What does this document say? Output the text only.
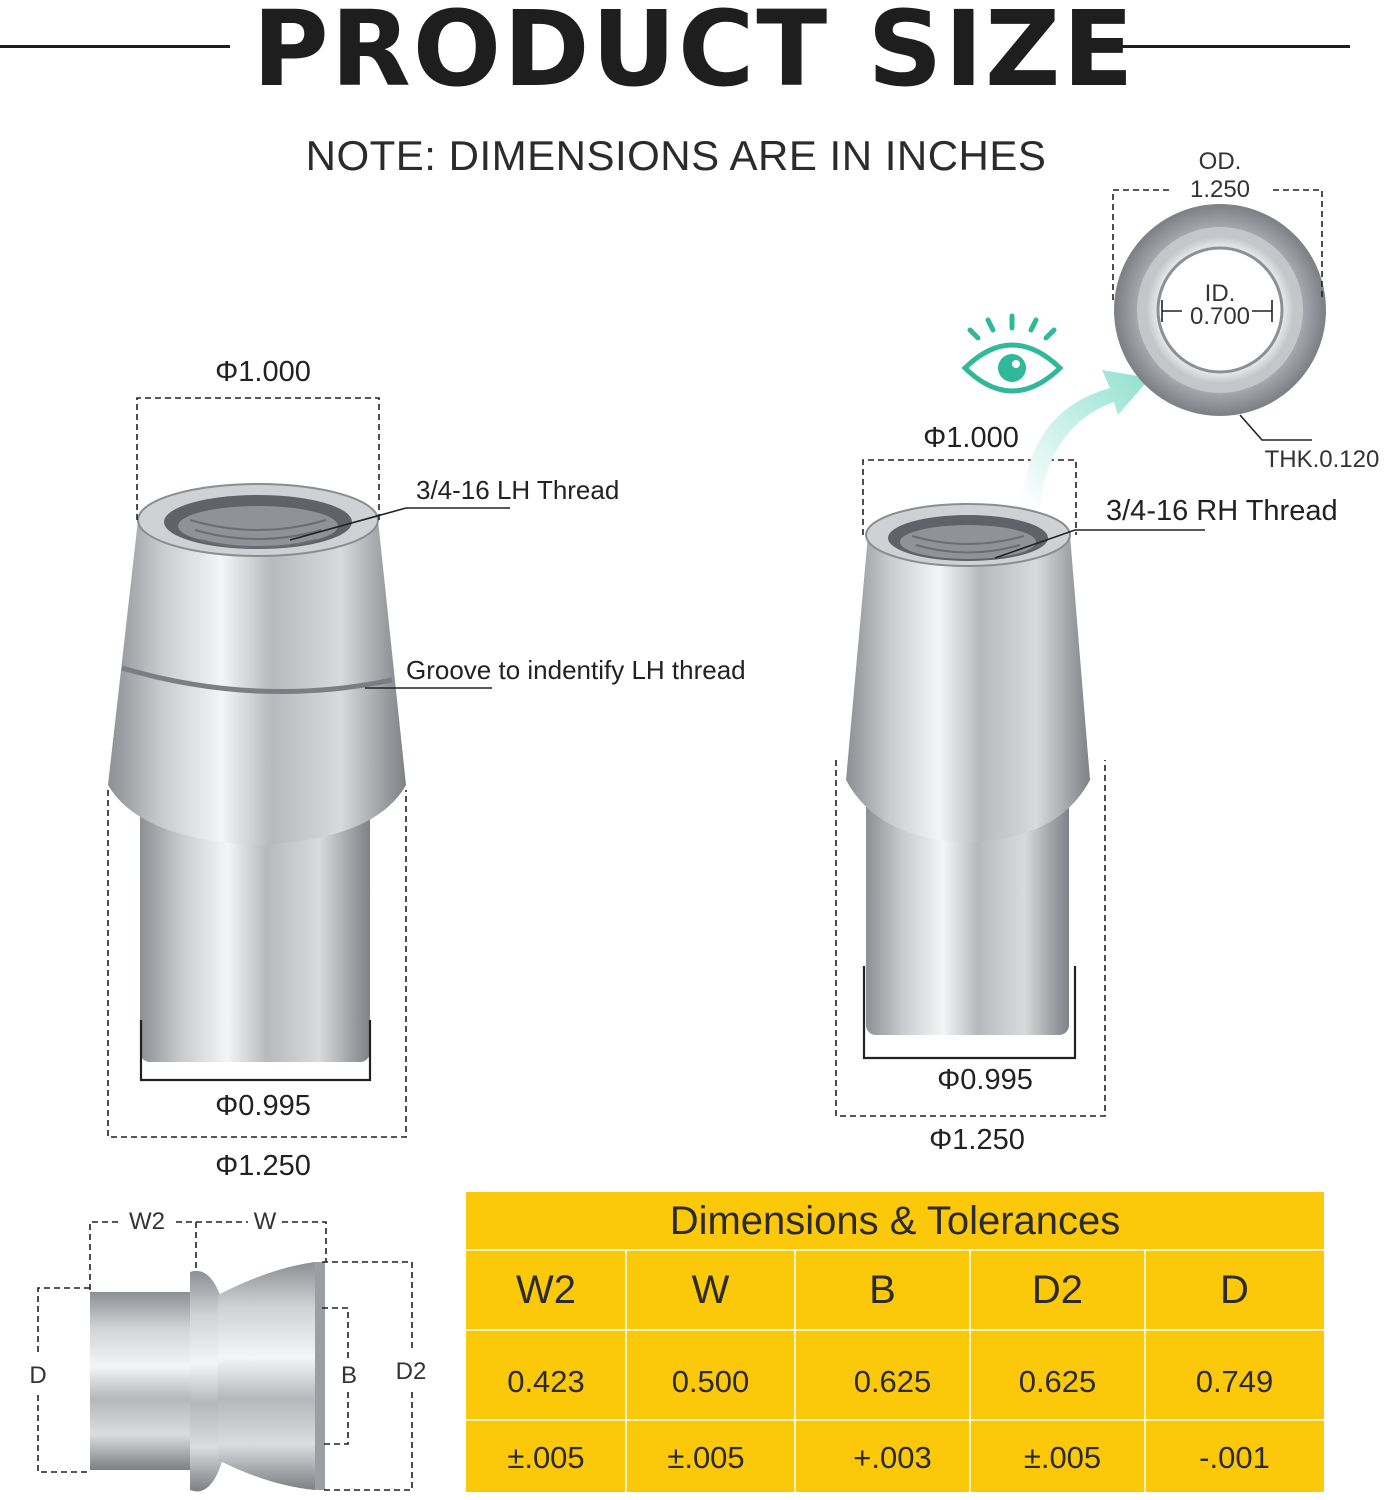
PRODUCT SIZE
NOTE: DIMENSIONS ARE IN INCHES
Φ1.000
3/4-16 LH Thread
Groove to indentify LH thread
Φ0.995
Φ1.250
Φ1.000
3/4-16 RH Thread
Φ0.995
Φ1.250
OD.
1.250
ID.
0.700
THK.0.120
W2	W
D	B	D2
Dimensions & Tolerances
W2	W	B	D2	D
0.423	0.500	0.625	0.625	0.749
±.005	±.005	+.003	±.005	-.001
